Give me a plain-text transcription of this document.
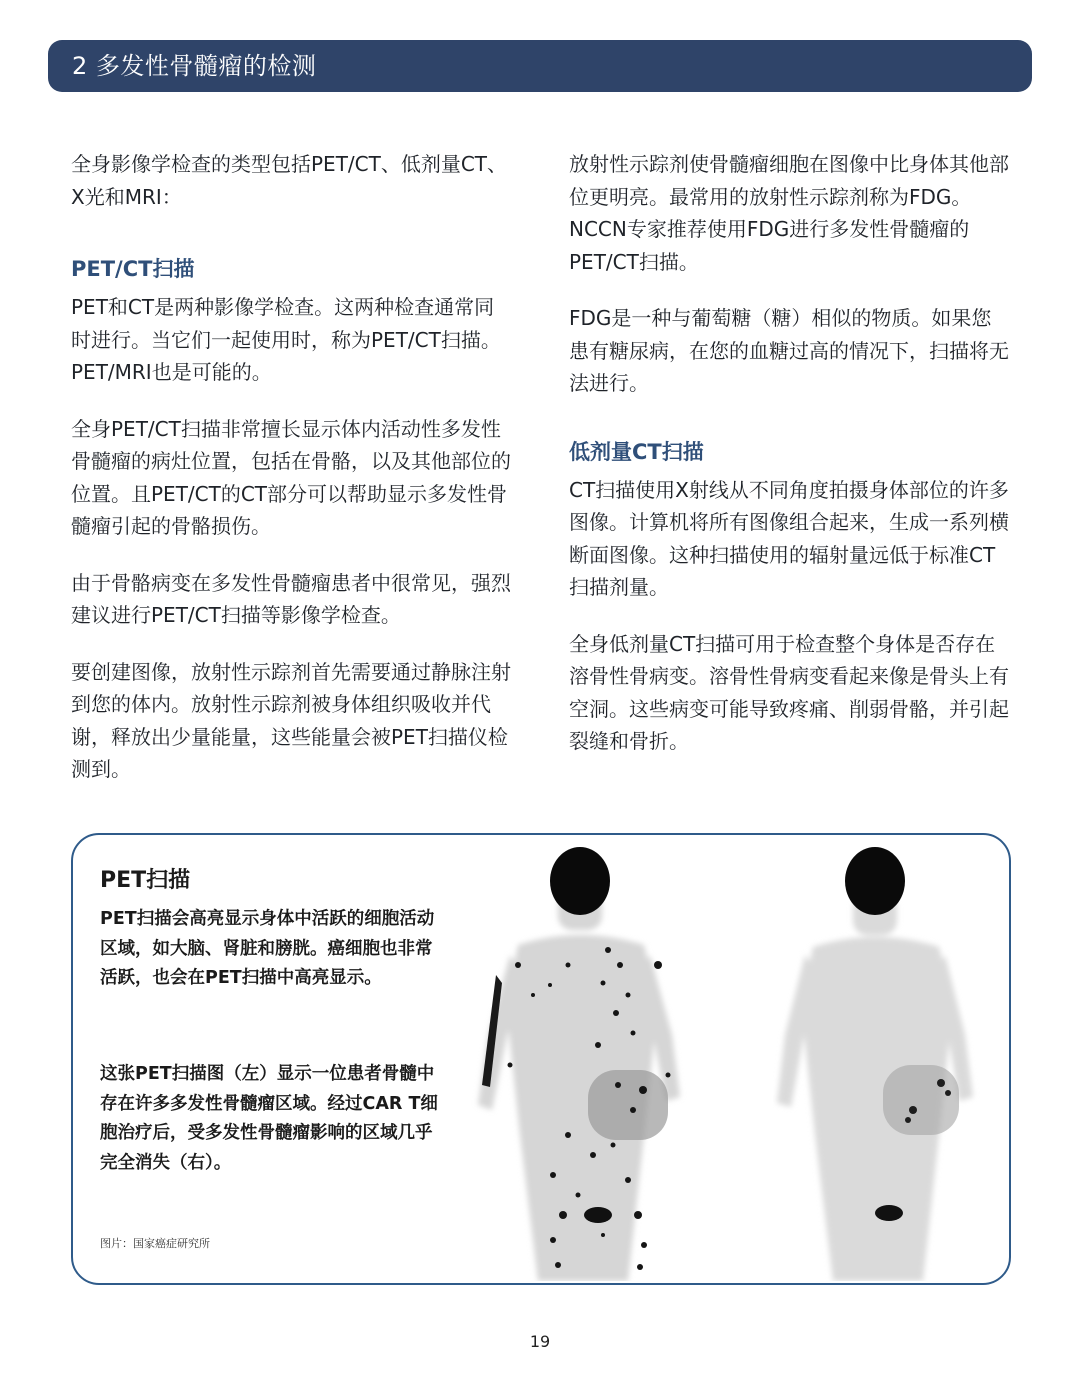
2 多发性骨髓瘤的检测

全身影像学检查的类型包括PET/CT、低剂量CT、X光和MRI：

PET/CT扫描

PET和CT是两种影像学检查。这两种检查通常同时进行。当它们一起使用时，称为PET/CT扫描。PET/MRI也是可能的。

全身PET/CT扫描非常擅长显示体内活动性多发性骨髓瘤的病灶位置，包括在骨骼，以及其他部位的位置。且PET/CT的CT部分可以帮助显示多发性骨髓瘤引起的骨骼损伤。

由于骨骼病变在多发性骨髓瘤患者中很常见，强烈建议进行PET/CT扫描等影像学检查。

要创建图像，放射性示踪剂首先需要通过静脉注射到您的体内。放射性示踪剂被身体组织吸收并代谢，释放出少量能量，这些能量会被PET扫描仪检测到。

放射性示踪剂使骨髓瘤细胞在图像中比身体其他部位更明亮。最常用的放射性示踪剂称为FDG。NCCN专家推荐使用FDG进行多发性骨髓瘤的PET/CT扫描。

FDG是一种与葡萄糖（糖）相似的物质。如果您患有糖尿病，在您的血糖过高的情况下，扫描将无法进行。

低剂量CT扫描

CT扫描使用X射线从不同角度拍摄身体部位的许多图像。计算机将所有图像组合起来，生成一系列横断面图像。这种扫描使用的辐射量远低于标准CT扫描剂量。

全身低剂量CT扫描可用于检查整个身体是否存在溶骨性骨病变。溶骨性骨病变看起来像是骨头上有空洞。这些病变可能导致疼痛、削弱骨骼，并引起裂缝和骨折。

PET扫描

PET扫描会高亮显示身体中活跃的细胞活动区域，如大脑、肾脏和膀胱。癌细胞也非常活跃，也会在PET扫描中高亮显示。

这张PET扫描图（左）显示一位患者骨髓中存在许多多发性骨髓瘤区域。经过CAR T细胞治疗后，受多发性骨髓瘤影响的区域几乎完全消失（右）。

图片：国家癌症研究所
19
